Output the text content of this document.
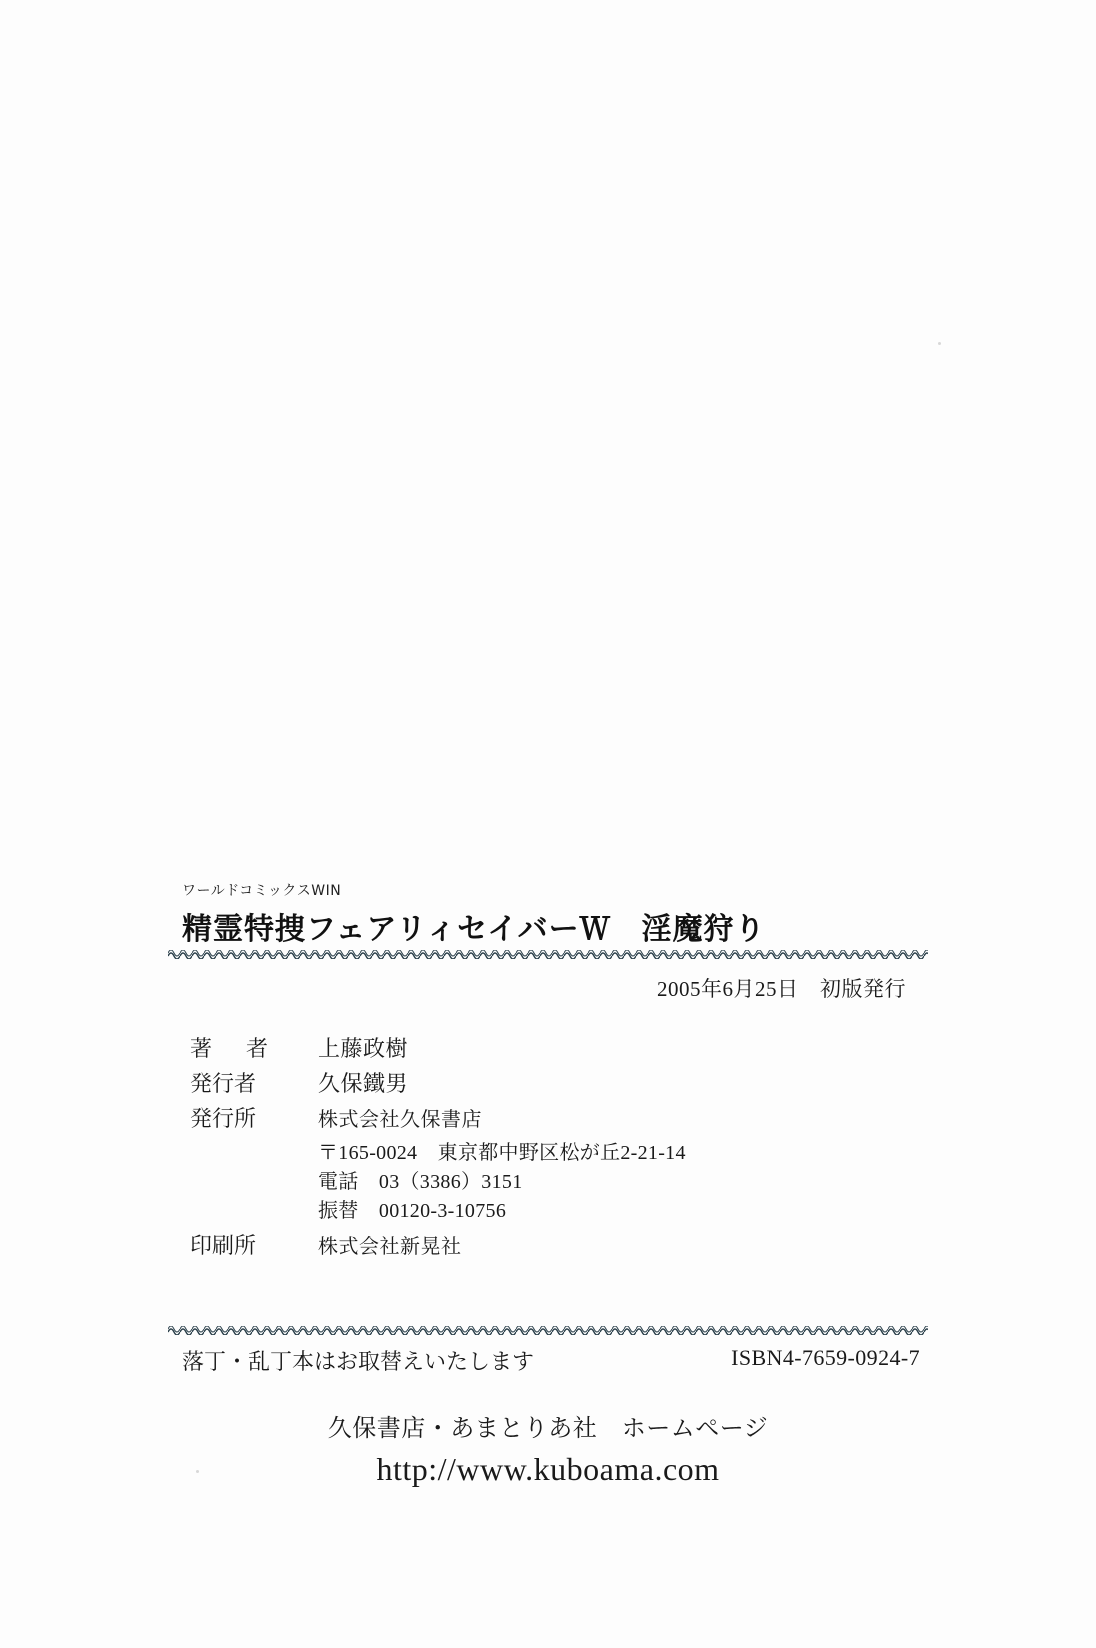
ワールドコミックスWIN
精霊特捜フェアリィセイバーＷ　淫魔狩り
2005年6月25日　初版発行
著　者	上藤政樹
発行者	久保鐵男
発行所	株式会社久保書店
〒165-0024　東京都中野区松が丘2-21-14
電話　03（3386）3151
振替　00120-3-10756
印刷所	株式会社新晃社
落丁・乱丁本はお取替えいたします	ISBN4-7659-0924-7
久保書店・あまとりあ社　ホームページ
http://www.kuboama.com
